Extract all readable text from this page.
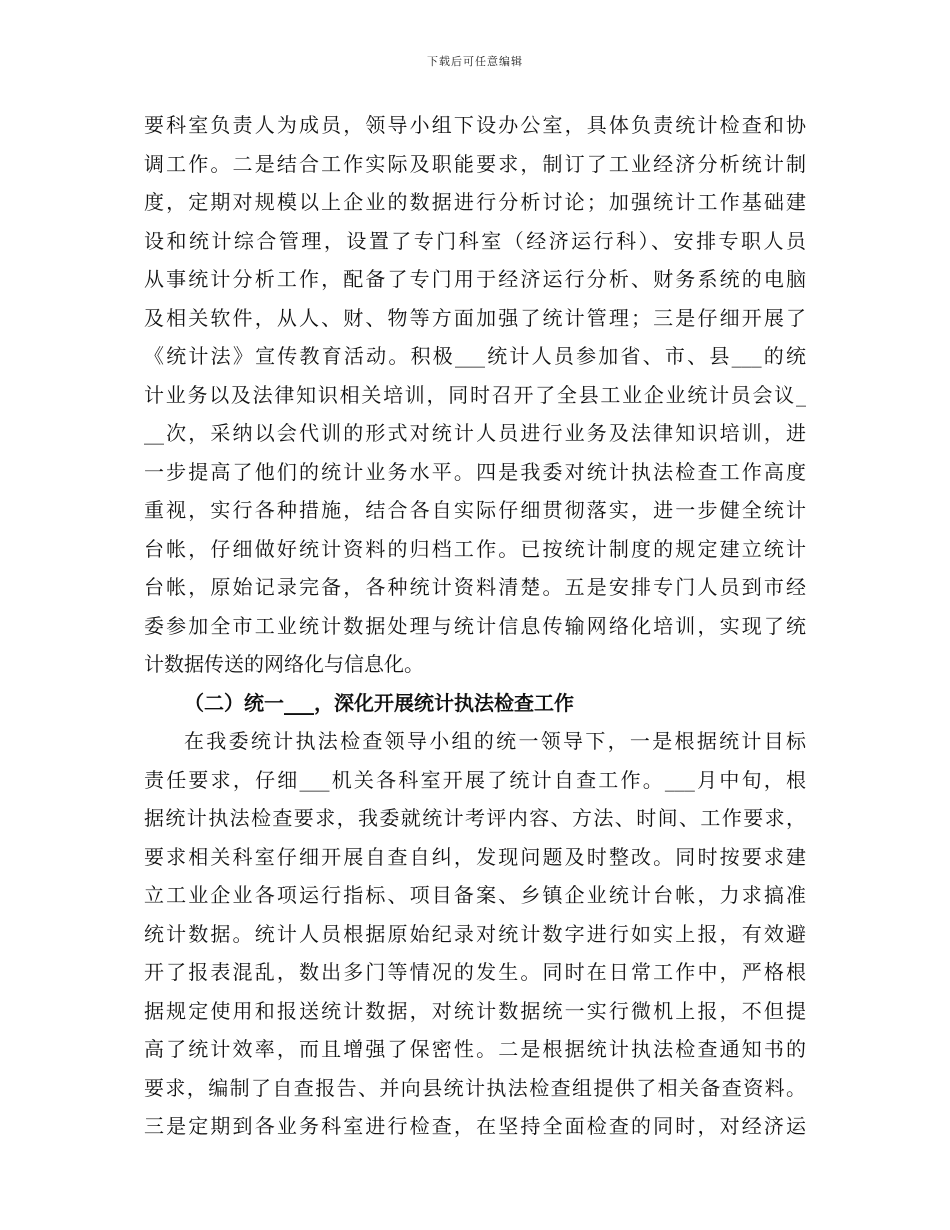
下载后可任意编辑
要科室负责人为成员，领导小组下设办公室，具体负责统计检查和协
调工作。二是结合工作实际及职能要求，制订了工业经济分析统计制
度，定期对规模以上企业的数据进行分析讨论；加强统计工作基础建
设和统计综合管理，设置了专门科室（经济运行科）、安排专职人员
从事统计分析工作，配备了专门用于经济运行分析、财务系统的电脑
及相关软件，从人、财、物等方面加强了统计管理；三是仔细开展了
《统计法》宣传教育活动。积极___统计人员参加省、市、县___的统
计业务以及法律知识相关培训，同时召开了全县工业企业统计员会议_
__次，采纳以会代训的形式对统计人员进行业务及法律知识培训，进
一步提高了他们的统计业务水平。四是我委对统计执法检查工作高度
重视，实行各种措施，结合各自实际仔细贯彻落实，进一步健全统计
台帐，仔细做好统计资料的归档工作。已按统计制度的规定建立统计
台帐，原始记录完备，各种统计资料清楚。五是安排专门人员到市经
委参加全市工业统计数据处理与统计信息传输网络化培训，实现了统
计数据传送的网络化与信息化。
（二）统一___，深化开展统计执法检查工作
在我委统计执法检查领导小组的统一领导下，一是根据统计目标
责任要求，仔细___机关各科室开展了统计自查工作。___月中旬，根
据统计执法检查要求，我委就统计考评内容、方法、时间、工作要求，
要求相关科室仔细开展自查自纠，发现问题及时整改。同时按要求建
立工业企业各项运行指标、项目备案、乡镇企业统计台帐，力求搞准
统计数据。统计人员根据原始纪录对统计数字进行如实上报，有效避
开了报表混乱，数出多门等情况的发生。同时在日常工作中，严格根
据规定使用和报送统计数据，对统计数据统一实行微机上报，不但提
高了统计效率，而且增强了保密性。二是根据统计执法检查通知书的
要求，编制了自查报告、并向县统计执法检查组提供了相关备查资料。
三是定期到各业务科室进行检查，在坚持全面检查的同时，对经济运
